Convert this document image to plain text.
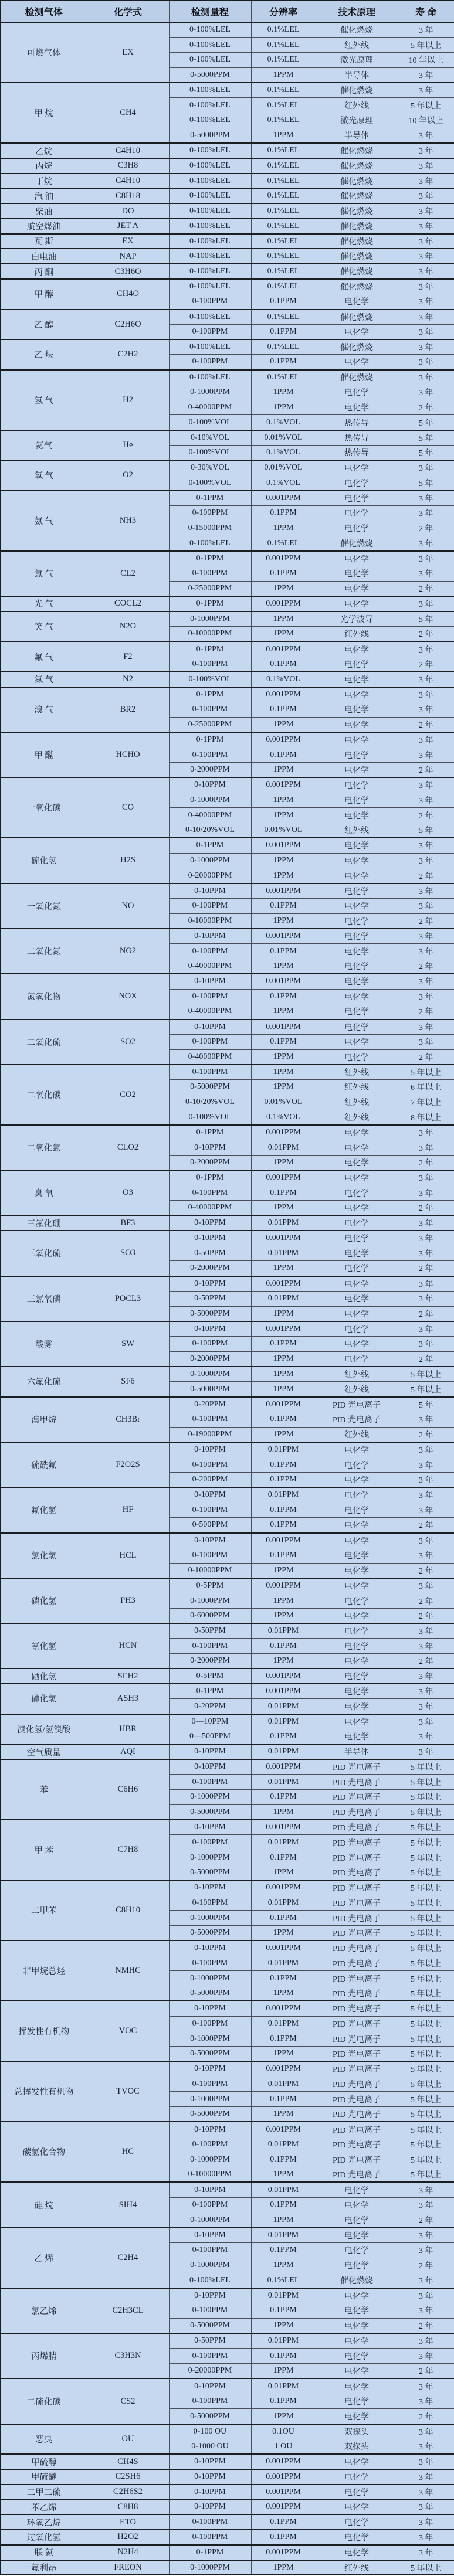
检测气体	化学式	检测量程	分辨率	技术原理	寿 命
可燃气体	EX	0-100%LEL	0.1%LEL	催化燃烧	3 年
		0-100%LEL	0.1%LEL	红外线	5 年以上
		0-100%LEL	0.1%LEL	激光原理	10 年以上
		0-5000PPM	1PPM	半导体	3 年
甲 烷	CH4	0-100%LEL	0.1%LEL	催化燃烧	3 年
		0-100%LEL	0.1%LEL	红外线	5 年以上
		0-100%LEL	0.1%LEL	激光原理	10 年以上
		0-5000PPM	1PPM	半导体	3 年
乙烷	C4H10	0-100%LEL	0.1%LEL	催化燃烧	3 年
丙烷	C3H8	0-100%LEL	0.1%LEL	催化燃烧	3 年
丁烷	C4H10	0-100%LEL	0.1%LEL	催化燃烧	3 年
汽 油	C8H18	0-100%LEL	0.1%LEL	催化燃烧	3 年
柴油	DO	0-100%LEL	0.1%LEL	催化燃烧	3 年
航空煤油	JET A	0-100%LEL	0.1%LEL	催化燃烧	3 年
瓦 斯	EX	0-100%LEL	0.1%LEL	催化燃烧	3 年
白电油	NAP	0-100%LEL	0.1%LEL	催化燃烧	3 年
丙 酮	C3H6O	0-100%LEL	0.1%LEL	催化燃烧	3 年
甲 醇	CH4O	0-100%LEL	0.1%LEL	催化燃烧	3 年
		0-100PPM	0.1PPM	电化学	3 年
乙 醇	C2H6O	0-100%LEL	0.1%LEL	催化燃烧	3 年
		0-100PPM	0.1PPM	电化学	3 年
乙 炔	C2H2	0-100%LEL	0.1%LEL	催化燃烧	3 年
		0-100PPM	0.1PPM	电化学	3 年
氢 气	H2	0-100%LEL	0.1%LEL	催化燃烧	3 年
		0-1000PPM	1PPM	电化学	3 年
		0-40000PPM	1PPM	电化学	2 年
		0-100%VOL	0.1%VOL	热传导	5 年
氦气	He	0-10%VOL	0.01%VOL	热传导	5 年
		0-100%VOL	0.1%VOL	热传导	5 年
氧 气	O2	0-30%VOL	0.01%VOL	电化学	3 年
		0-100%VOL	0.1%VOL	电化学	5 年
氨 气	NH3	0-1PPM	0.001PPM	电化学	3 年
		0-100PPM	0.1PPM	电化学	3 年
		0-15000PPM	1PPM	电化学	2 年
		0-100%LEL	0.1%LEL	催化燃烧	3 年
氯 气	CL2	0-1PPM	0.001PPM	电化学	3 年
		0-100PPM	0.1PPM	电化学	3 年
		0-25000PPM	1PPM	电化学	2 年
光 气	COCL2	0-1PPM	0.001PPM	电化学	3 年
笑 气	N2O	0-1000PPM	1PPM	光学波导	5 年
		0-10000PPM	1PPM	红外线	2 年
氟 气	F2	0-1PPM	0.001PPM	电化学	3 年
		0-100PPM	0.1PPM	电化学	2 年
氮 气	N2	0-100%VOL	0.1%VOL	电化学	3 年
溴 气	BR2	0-1PPM	0.001PPM	电化学	3 年
		0-100PPM	0.1PPM	电化学	3 年
		0-25000PPM	1PPM	电化学	2 年
甲 醛	HCHO	0-1PPM	0.001PPM	电化学	3 年
		0-100PPM	0.1PPM	电化学	3 年
		0-2000PPM	1PPM	电化学	2 年
一氧化碳	CO	0-10PPM	0.001PPM	电化学	3 年
		0-1000PPM	1PPM	电化学	3 年
		0-40000PPM	1PPM	电化学	2 年
		0-10/20%VOL	0.01%VOL	红外线	5 年
硫化氢	H2S	0-1PPM	0.001PPM	电化学	3 年
		0-1000PPM	1PPM	电化学	3 年
		0-20000PPM	1PPM	电化学	2 年
一氧化氮	NO	0-10PPM	0.001PPM	电化学	3 年
		0-100PPM	0.1PPM	电化学	3 年
		0-10000PPM	1PPM	电化学	2 年
二氧化氮	NO2	0-10PPM	0.001PPM	电化学	3 年
		0-100PPM	0.1PPM	电化学	3 年
		0-40000PPM	1PPM	电化学	2 年
氮氧化物	NOX	0-10PPM	0.001PPM	电化学	3 年
		0-100PPM	0.1PPM	电化学	3 年
		0-40000PPM	1PPM	电化学	2 年
二氧化硫	SO2	0-10PPM	0.001PPM	电化学	3 年
		0-100PPM	0.1PPM	电化学	3 年
		0-40000PPM	1PPM	电化学	2 年
二氧化碳	CO2	0-100PPM	1PPM	红外线	5 年以上
		0-5000PPM	1PPM	红外线	6 年以上
		0-10/20%VOL	0.01%VOL	红外线	7 年以上
		0-100%VOL	0.1%VOL	红外线	8 年以上
二氧化氯	CLO2	0-1PPM	0.001PPM	电化学	3 年
		0-10PPM	0.01PPM	电化学	3 年
		0-2000PPM	1PPM	电化学	2 年
臭 氧	O3	0-1PPM	0.001PPM	电化学	3 年
		0-100PPM	0.1PPM	电化学	3 年
		0-40000PPM	1PPM	电化学	2 年
三氟化硼	BF3	0-10PPM	0.01PPM	电化学	3 年
三氧化硫	SO3	0-10PPM	0.001PPM	电化学	3 年
		0-50PPM	0.01PPM	电化学	3 年
		0-2000PPM	1PPM	电化学	2 年
三氯氧磷	POCL3	0-10PPM	0.001PPM	电化学	3 年
		0-50PPM	0.01PPM	电化学	3 年
		0-5000PPM	1PPM	电化学	2 年
酸雾	SW	0-10PPM	0.001PPM	电化学	3 年
		0-100PPM	0.1PPM	电化学	3 年
		0-2000PPM	1PPM	电化学	2 年
六氟化硫	SF6	0-1000PPM	1PPM	红外线	5 年以上
		0-5000PPM	1PPM	红外线	5 年以上
溴甲烷	CH3Br	0-20PPM	0.001PPM	PID 光电离子	5 年
		0-100PPM	0.1PPM	PID 光电离子	3 年
		0-19000PPM	1PPM	红外线	2 年
硫酰氟	F2O2S	0-10PPM	0.01PPM	电化学	3 年
		0-100PPM	0.1PPM	电化学	3 年
		0-200PPM	0.1PPM	电化学	3 年
氟化氢	HF	0-10PPM	0.01PPM	电化学	3 年
		0-100PPM	0.1PPM	电化学	3 年
		0-500PPM	0.1PPM	电化学	2 年
氯化氢	HCL	0-10PPM	0.001PPM	电化学	3 年
		0-100PPM	0.1PPM	电化学	3 年
		0-10000PPM	1PPM	电化学	2 年
磷化氢	PH3	0-5PPM	0.001PPM	电化学	3 年
		0-1000PPM	1PPM	电化学	2 年
		0-6000PPM	1PPM	电化学	2 年
氰化氢	HCN	0-50PPM	0.01PPM	电化学	3 年
		0-100PPM	0.1PPM	电化学	3 年
		0-2000PPM	1PPM	电化学	2 年
硒化氢	SEH2	0-5PPM	0.001PPM	电化学	3 年
砷化氢	ASH3	0-1PPM	0.001PPM	电化学	3 年
		0-20PPM	0.01PPM	电化学	3 年
溴化氢/氢溴酸	HBR	0—10PPM	0.01PPM	电化学	3 年
		0—500PPM	0.1PPM	电化学	3 年
空气质量	AQI	0-10PPM	0.01PPM	半导体	3 年
苯	C6H6	0-10PPM	0.001PPM	PID 光电离子	5 年以上
		0-100PPM	0.01PPM	PID 光电离子	5 年以上
		0-1000PPM	0.1PPM	PID 光电离子	5 年以上
		0-5000PPM	1PPM	PID 光电离子	5 年以上
甲 苯	C7H8	0-10PPM	0.001PPM	PID 光电离子	5 年以上
		0-100PPM	0.01PPM	PID 光电离子	5 年以上
		0-1000PPM	0.1PPM	PID 光电离子	5 年以上
		0-5000PPM	1PPM	PID 光电离子	5 年以上
二甲苯	C8H10	0-10PPM	0.001PPM	PID 光电离子	5 年以上
		0-100PPM	0.01PPM	PID 光电离子	5 年以上
		0-1000PPM	0.1PPM	PID 光电离子	5 年以上
		0-5000PPM	1PPM	PID 光电离子	5 年以上
非甲烷总烃	NMHC	0-10PPM	0.001PPM	PID 光电离子	5 年以上
		0-100PPM	0.01PPM	PID 光电离子	5 年以上
		0-1000PPM	0.1PPM	PID 光电离子	5 年以上
		0-5000PPM	1PPM	PID 光电离子	5 年以上
挥发性有机物	VOC	0-10PPM	0.001PPM	PID 光电离子	5 年以上
		0-100PPM	0.01PPM	PID 光电离子	5 年以上
		0-1000PPM	0.1PPM	PID 光电离子	5 年以上
		0-5000PPM	1PPM	PID 光电离子	5 年以上
总挥发性有机物	TVOC	0-10PPM	0.001PPM	PID 光电离子	5 年以上
		0-100PPM	0.01PPM	PID 光电离子	5 年以上
		0-1000PPM	0.1PPM	PID 光电离子	5 年以上
		0-5000PPM	1PPM	PID 光电离子	5 年以上
碳氢化合物	HC	0-10PPM	0.001PPM	PID 光电离子	5 年以上
		0-100PPM	0.01PPM	PID 光电离子	5 年以上
		0-1000PPM	0.1PPM	PID 光电离子	5 年以上
		0-10000PPM	1PPM	PID 光电离子	5 年以上
硅 烷	SIH4	0-10PPM	0.01PPM	电化学	3 年
		0-100PPM	0.1PPM	电化学	3 年
		0-1000PPM	1PPM	电化学	2 年
乙 烯	C2H4	0-10PPM	0.01PPM	电化学	3 年
		0-100PPM	0.1PPM	电化学	3 年
		0-1000PPM	1PPM	电化学	2 年
		0-100%LEL	0.1%LEL	催化燃烧	3 年
氯乙烯	C2H3CL	0-10PPM	0.01PPM	电化学	3 年
		0-100PPM	0.1PPM	电化学	3 年
		0-5000PPM	1PPM	电化学	2 年
丙烯腈	C3H3N	0-50PPM	0.01PPM	电化学	3 年
		0-100PPM	0.1PPM	电化学	3 年
		0-20000PPM	1PPM	电化学	2 年
二硫化碳	CS2	0-10PPM	0.01PPM	电化学	3 年
		0-100PPM	0.1PPM	电化学	3 年
		0-5000PPM	1PPM	电化学	2 年
恶臭	OU	0-100 OU	0.1OU	双探头	3 年
		0-1000 OU	1 OU	双探头	3 年
甲硫醇	CH4S	0-10PPM	0.001PPM	电化学	3 年
甲硫醚	C2SH6	0-10PPM	0.001PPM	电化学	3 年
二甲二硫	C2H6S2	0-10PPM	0.001PPM	电化学	3 年
苯乙烯	C8H8	0-10PPM	0.001PPM	电化学	3 年
环氧乙烷	ETO	0-100PPM	0.1PPM	电化学	3 年
过氧化氢	H2O2	0-100PPM	0.1PPM	电化学	3 年
联 氨	N2H4	0-1PPM	0.001PPM	电化学	3 年
氟利昂	FREON	0-1000PPM	1PPM	红外线	5 年以上
